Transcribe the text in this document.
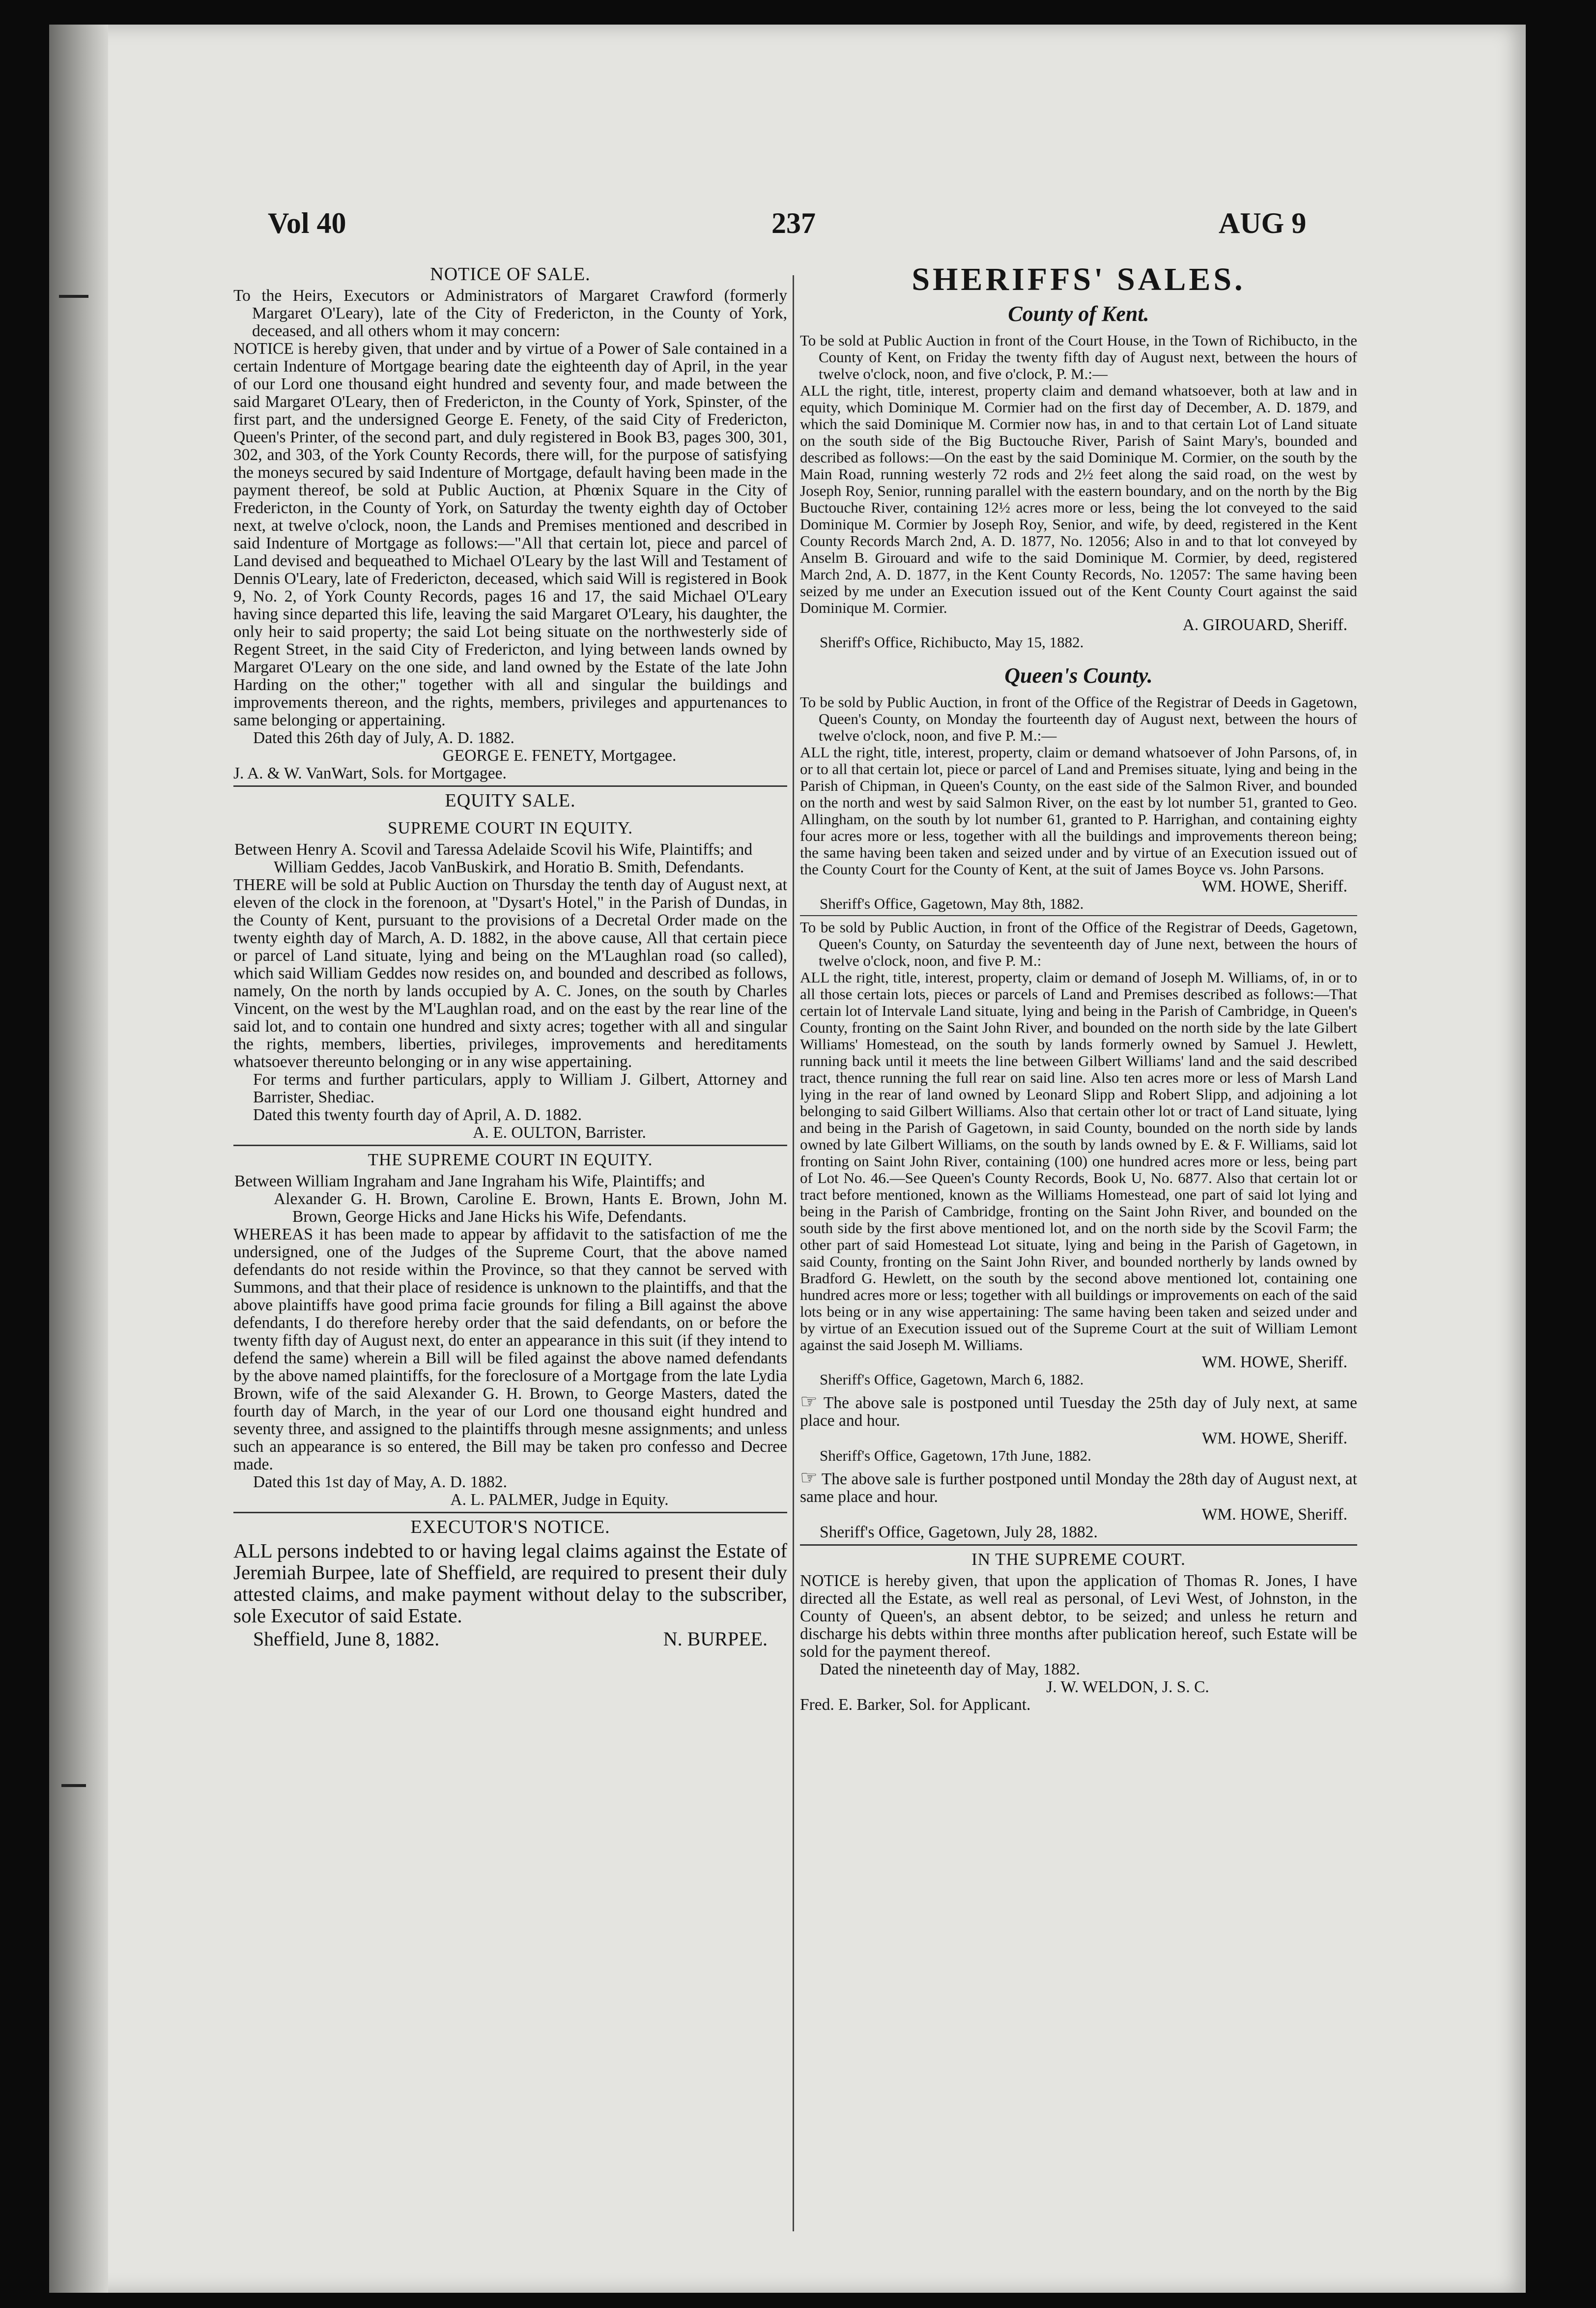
Vol 40	237	AUG 9
NOTICE OF SALE.

To the Heirs, Executors or Administrators of Margaret Crawford (formerly Margaret O'Leary), late of the City of Fredericton, in the County of York, deceased, and all others whom it may concern:

NOTICE is hereby given, that under and by virtue of a Power of Sale contained in a certain Indenture of Mortgage bearing date the eighteenth day of April, in the year of our Lord one thousand eight hundred and seventy four, and made between the said Margaret O'Leary, then of Fredericton, in the County of York, Spinster, of the first part, and the undersigned George E. Fenety, of the said City of Fredericton, Queen's Printer, of the second part, and duly registered in Book B3, pages 300, 301, 302, and 303, of the York County Records, there will, for the purpose of satisfying the moneys secured by said Indenture of Mortgage, default having been made in the payment thereof, be sold at Public Auction, at Phœnix Square in the City of Fredericton, in the County of York, on Saturday the twenty eighth day of October next, at twelve o'clock, noon, the Lands and Premises mentioned and described in said Indenture of Mortgage as follows:—"All that certain lot, piece and parcel of Land devised and bequeathed to Michael O'Leary by the last Will and Testament of Dennis O'Leary, late of Fredericton, deceased, which said Will is registered in Book 9, No. 2, of York County Records, pages 16 and 17, the said Michael O'Leary having since departed this life, leaving the said Margaret O'Leary, his daughter, the only heir to said property; the said Lot being situate on the northwesterly side of Regent Street, in the said City of Fredericton, and lying between lands owned by Margaret O'Leary on the one side, and land owned by the Estate of the late John Harding on the other;" together with all and singular the buildings and improvements thereon, and the rights, members, privileges and appurtenances to same belonging or appertaining.

Dated this 26th day of July, A. D. 1882.

GEORGE E. FENETY, Mortgagee.

J. A. & W. VanWart, Sols. for Mortgagee.

EQUITY SALE.
SUPREME COURT IN EQUITY.

Between Henry A. Scovil and Taressa Adelaide Scovil his Wife, Plaintiffs; and

William Geddes, Jacob VanBuskirk, and Horatio B. Smith, Defendants.

THERE will be sold at Public Auction on Thursday the tenth day of August next, at eleven of the clock in the forenoon, at "Dysart's Hotel," in the Parish of Dundas, in the County of Kent, pursuant to the provisions of a Decretal Order made on the twenty eighth day of March, A. D. 1882, in the above cause, All that certain piece or parcel of Land situate, lying and being on the M'Laughlan road (so called), which said William Geddes now resides on, and bounded and described as follows, namely, On the north by lands occupied by A. C. Jones, on the south by Charles Vincent, on the west by the M'Laughlan road, and on the east by the rear line of the said lot, and to contain one hundred and sixty acres; together with all and singular the rights, members, liberties, privileges, improvements and hereditaments whatsoever thereunto belonging or in any wise appertaining.

For terms and further particulars, apply to William J. Gilbert, Attorney and Barrister, Shediac.

Dated this twenty fourth day of April, A. D. 1882.

A. E. OULTON, Barrister.

THE SUPREME COURT IN EQUITY.

Between William Ingraham and Jane Ingraham his Wife, Plaintiffs; and

Alexander G. H. Brown, Caroline E. Brown, Hants E. Brown, John M. Brown, George Hicks and Jane Hicks his Wife, Defendants.

WHEREAS it has been made to appear by affidavit to the satisfaction of me the undersigned, one of the Judges of the Supreme Court, that the above named defendants do not reside within the Province, so that they cannot be served with Summons, and that their place of residence is unknown to the plaintiffs, and that the above plaintiffs have good prima facie grounds for filing a Bill against the above defendants, I do therefore hereby order that the said defendants, on or before the twenty fifth day of August next, do enter an appearance in this suit (if they intend to defend the same) wherein a Bill will be filed against the above named defendants by the above named plaintiffs, for the foreclosure of a Mortgage from the late Lydia Brown, wife of the said Alexander G. H. Brown, to George Masters, dated the fourth day of March, in the year of our Lord one thousand eight hundred and seventy three, and assigned to the plaintiffs through mesne assignments; and unless such an appearance is so entered, the Bill may be taken pro confesso and Decree made.

Dated this 1st day of May, A. D. 1882.

A. L. PALMER, Judge in Equity.

EXECUTOR'S NOTICE.

ALL persons indebted to or having legal claims against the Estate of Jeremiah Burpee, late of Sheffield, are required to present their duly attested claims, and make payment without delay to the subscriber, sole Executor of said Estate.

Sheffield, June 8, 1882.	N. BURPEE.
SHERIFFS' SALES.
County of Kent.

To be sold at Public Auction in front of the Court House, in the Town of Richibucto, in the County of Kent, on Friday the twenty fifth day of August next, between the hours of twelve o'clock, noon, and five o'clock, P. M.:—

ALL the right, title, interest, property claim and demand whatsoever, both at law and in equity, which Dominique M. Cormier had on the first day of December, A. D. 1879, and which the said Dominique M. Cormier now has, in and to that certain Lot of Land situate on the south side of the Big Buctouche River, Parish of Saint Mary's, bounded and described as follows:—On the east by the said Dominique M. Cormier, on the south by the Main Road, running westerly 72 rods and 2½ feet along the said road, on the west by Joseph Roy, Senior, running parallel with the eastern boundary, and on the north by the Big Buctouche River, containing 12½ acres more or less, being the lot conveyed to the said Dominique M. Cormier by Joseph Roy, Senior, and wife, by deed, registered in the Kent County Records March 2nd, A. D. 1877, No. 12056; Also in and to that lot conveyed by Anselm B. Girouard and wife to the said Dominique M. Cormier, by deed, registered March 2nd, A. D. 1877, in the Kent County Records, No. 12057: The same having been seized by me under an Execution issued out of the Kent County Court against the said Dominique M. Cormier.

A. GIROUARD, Sheriff.

Sheriff's Office, Richibucto, May 15, 1882.

Queen's County.

To be sold by Public Auction, in front of the Office of the Registrar of Deeds in Gagetown, Queen's County, on Monday the fourteenth day of August next, between the hours of twelve o'clock, noon, and five P. M.:—

ALL the right, title, interest, property, claim or demand whatsoever of John Parsons, of, in or to all that certain lot, piece or parcel of Land and Premises situate, lying and being in the Parish of Chipman, in Queen's County, on the east side of the Salmon River, and bounded on the north and west by said Salmon River, on the east by lot number 51, granted to Geo. Allingham, on the south by lot number 61, granted to P. Harrighan, and containing eighty four acres more or less, together with all the buildings and improvements thereon being; the same having been taken and seized under and by virtue of an Execution issued out of the County Court for the County of Kent, at the suit of James Boyce vs. John Parsons.

WM. HOWE, Sheriff.

Sheriff's Office, Gagetown, May 8th, 1882.

To be sold by Public Auction, in front of the Office of the Registrar of Deeds, Gagetown, Queen's County, on Saturday the seventeenth day of June next, between the hours of twelve o'clock, noon, and five P. M.:

ALL the right, title, interest, property, claim or demand of Joseph M. Williams, of, in or to all those certain lots, pieces or parcels of Land and Premises described as follows:—That certain lot of Intervale Land situate, lying and being in the Parish of Cambridge, in Queen's County, fronting on the Saint John River, and bounded on the north side by the late Gilbert Williams' Homestead, on the south by lands formerly owned by Samuel J. Hewlett, running back until it meets the line between Gilbert Williams' land and the said described tract, thence running the full rear on said line. Also ten acres more or less of Marsh Land lying in the rear of land owned by Leonard Slipp and Robert Slipp, and adjoining a lot belonging to said Gilbert Williams. Also that certain other lot or tract of Land situate, lying and being in the Parish of Gagetown, in said County, bounded on the north side by lands owned by late Gilbert Williams, on the south by lands owned by E. & F. Williams, said lot fronting on Saint John River, containing (100) one hundred acres more or less, being part of Lot No. 46.—See Queen's County Records, Book U, No. 6877. Also that certain lot or tract before mentioned, known as the Williams Homestead, one part of said lot lying and being in the Parish of Cambridge, fronting on the Saint John River, and bounded on the south side by the first above mentioned lot, and on the north side by the Scovil Farm; the other part of said Homestead Lot situate, lying and being in the Parish of Gagetown, in said County, fronting on the Saint John River, and bounded northerly by lands owned by Bradford G. Hewlett, on the south by the second above mentioned lot, containing one hundred acres more or less; together with all buildings or improvements on each of the said lots being or in any wise appertaining: The same having been taken and seized under and by virtue of an Execution issued out of the Supreme Court at the suit of William Lemont against the said Joseph M. Williams.

WM. HOWE, Sheriff.

Sheriff's Office, Gagetown, March 6, 1882.

☞ The above sale is postponed until Tuesday the 25th day of July next, at same place and hour.

WM. HOWE, Sheriff.

Sheriff's Office, Gagetown, 17th June, 1882.

☞ The above sale is further postponed until Monday the 28th day of August next, at same place and hour.

WM. HOWE, Sheriff.

Sheriff's Office, Gagetown, July 28, 1882.

IN THE SUPREME COURT.

NOTICE is hereby given, that upon the application of Thomas R. Jones, I have directed all the Estate, as well real as personal, of Levi West, of Johnston, in the County of Queen's, an absent debtor, to be seized; and unless he return and discharge his debts within three months after publication hereof, such Estate will be sold for the payment thereof.

Dated the nineteenth day of May, 1882.

J. W. WELDON, J. S. C.

Fred. E. Barker, Sol. for Applicant.
